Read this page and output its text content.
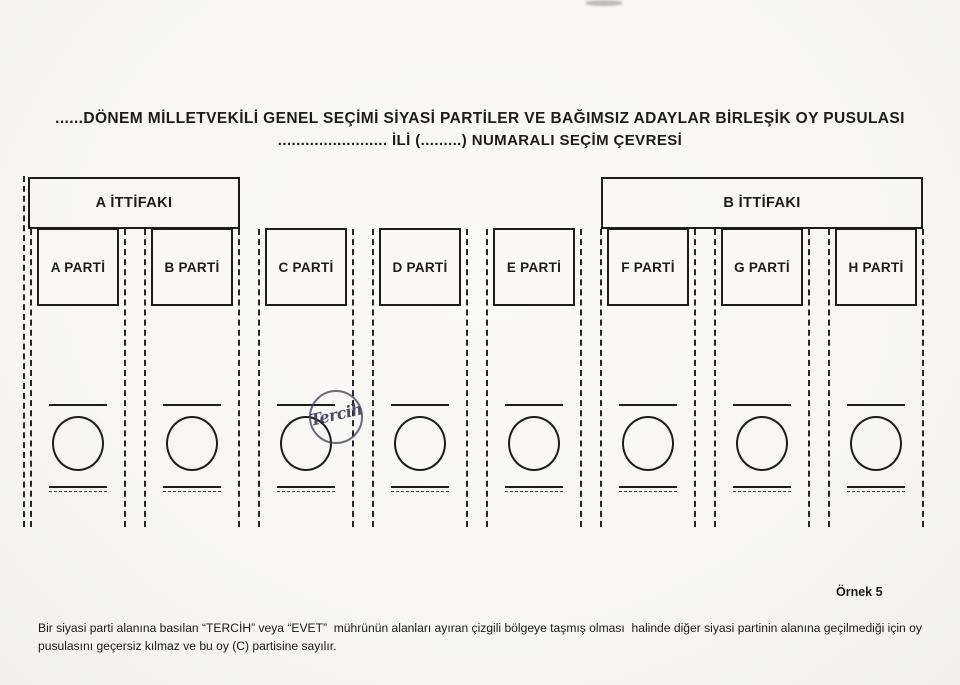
......DÖNEM MİLLETVEKİLİ GENEL SEÇİMİ SİYASİ PARTİLER VE BAĞIMSIZ ADAYLAR BİRLEŞİK OY PUSULASI
........................ İLİ (.........) NUMARALI SEÇİM ÇEVRESİ
A İTTİFAKI	B İTTİFAKI
A PARTİ	B PARTİ	C PARTİ	D PARTİ	E PARTİ	F PARTİ	G PARTİ	H PARTİ
Tercih
Örnek 5
Bir siyasi parti alanına basılan “TERCİH” veya “EVET”  mührünün alanları ayıran çizgili bölgeye taşmış olması  halinde diğer siyasi partinin alanına geçilmediği için oy
pusulasını geçersiz kılmaz ve bu oy (C) partisine sayılır.
